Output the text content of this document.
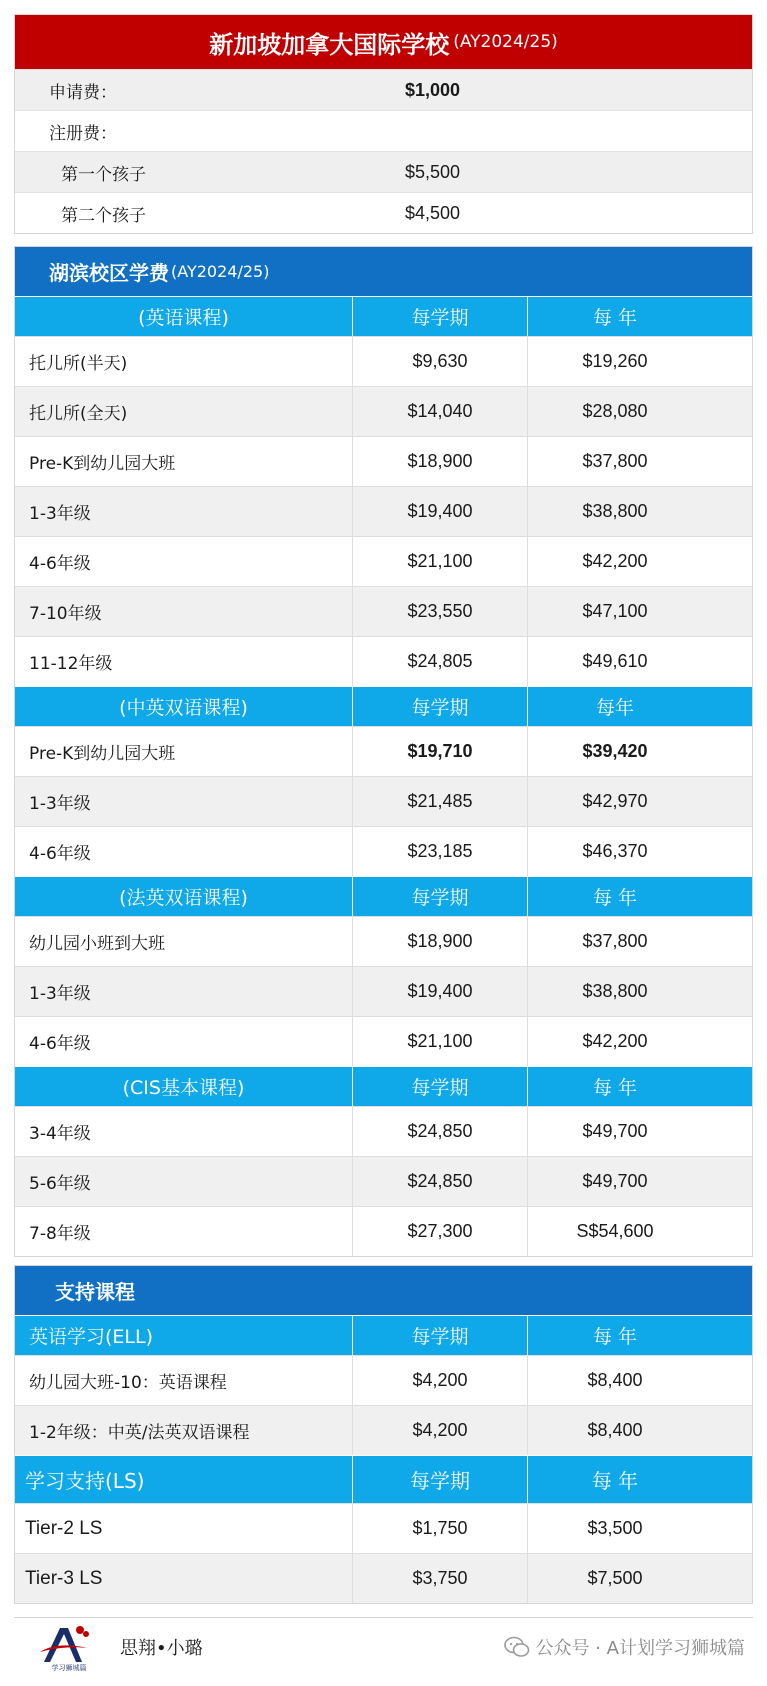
新加坡加拿大国际学校 (AY2024/25)
申请费：	$1,000
注册费：
第一个孩子	$5,500
第二个孩子	$4,500
湖滨校区学费 (AY2024/25)
(英语课程)	每学期	每 年
托儿所(半天)	$9,630	$19,260
托儿所(全天)	$14,040	$28,080
Pre-K到幼儿园大班	$18,900	$37,800
1-3年级	$19,400	$38,800
4-6年级	$21,100	$42,200
7-10年级	$23,550	$47,100
11-12年级	$24,805	$49,610
(中英双语课程)	每学期	每年
Pre-K到幼儿园大班	$19,710	$39,420
1-3年级	$21,485	$42,970
4-6年级	$23,185	$46,370
(法英双语课程)	每学期	每 年
幼儿园小班到大班	$18,900	$37,800
1-3年级	$19,400	$38,800
4-6年级	$21,100	$42,200
(CIS基本课程)	每学期	每 年
3-4年级	$24,850	$49,700
5-6年级	$24,850	$49,700
7-8年级	$27,300	S$54,600
支持课程
英语学习(ELL)	每学期	每 年
幼儿园大班-10：英语课程	$4,200	$8,400
1-2年级：中英/法英双语课程	$4,200	$8,400
学习支持(LS)	每学期	每 年
Tier-2 LS	$1,750	$3,500
Tier-3 LS	$3,750	$7,500
学习狮城篇
思翔•小璐	公众号 · A计划学习狮城篇
